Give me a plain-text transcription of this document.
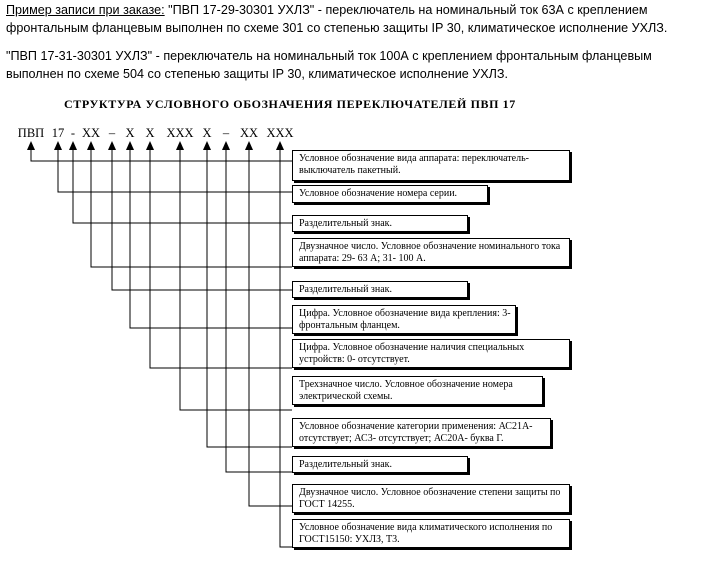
Пример записи при заказе: "ПВП 17-29-30301 УХЛЗ" - переключатель на номинальный ток 63А с креплением
фронтальным фланцевым выполнен по схеме 301 со степенью защиты IP 30, климатическое исполнение УХЛЗ.
"ПВП 17-31-30301 УХЛЗ" - переключатель на номинальный ток 100А с креплением фронтальным фланцевым
выполнен по схеме 504 со степенью защиты IP 30, климатическое исполнение УХЛЗ.
СТРУКТУРА УСЛОВНОГО ОБОЗНАЧЕНИЯ ПЕРЕКЛЮЧАТЕЛЕЙ ПВП 17
ПВП 17 - XX – X X XXX X – XX XXX
Условное обозначение вида аппарата: переключатель-выключатель пакетный.
Условное обозначение номера серии.
Разделительный знак.
Двузначное число. Условное обозначение номинального тока аппарата: 29- 63 А; 31- 100 А.
Разделительный знак.
Цифра. Условное обозначение вида крепления: 3- фронтальным фланцем.
Цифра. Условное обозначение наличия специальных устройств: 0- отсутствует.
Трехзначное число. Условное обозначение номера электрической схемы.
Условное обозначение категории применения: АС21А- отсутствует; АС3- отсутствует; АС20А- буква Г.
Разделительный знак.
Двузначное число. Условное обозначение степени защиты по ГОСТ 14255.
Условное обозначение вида климатического исполнения по ГОСТ15150: УХЛЗ, Т3.
